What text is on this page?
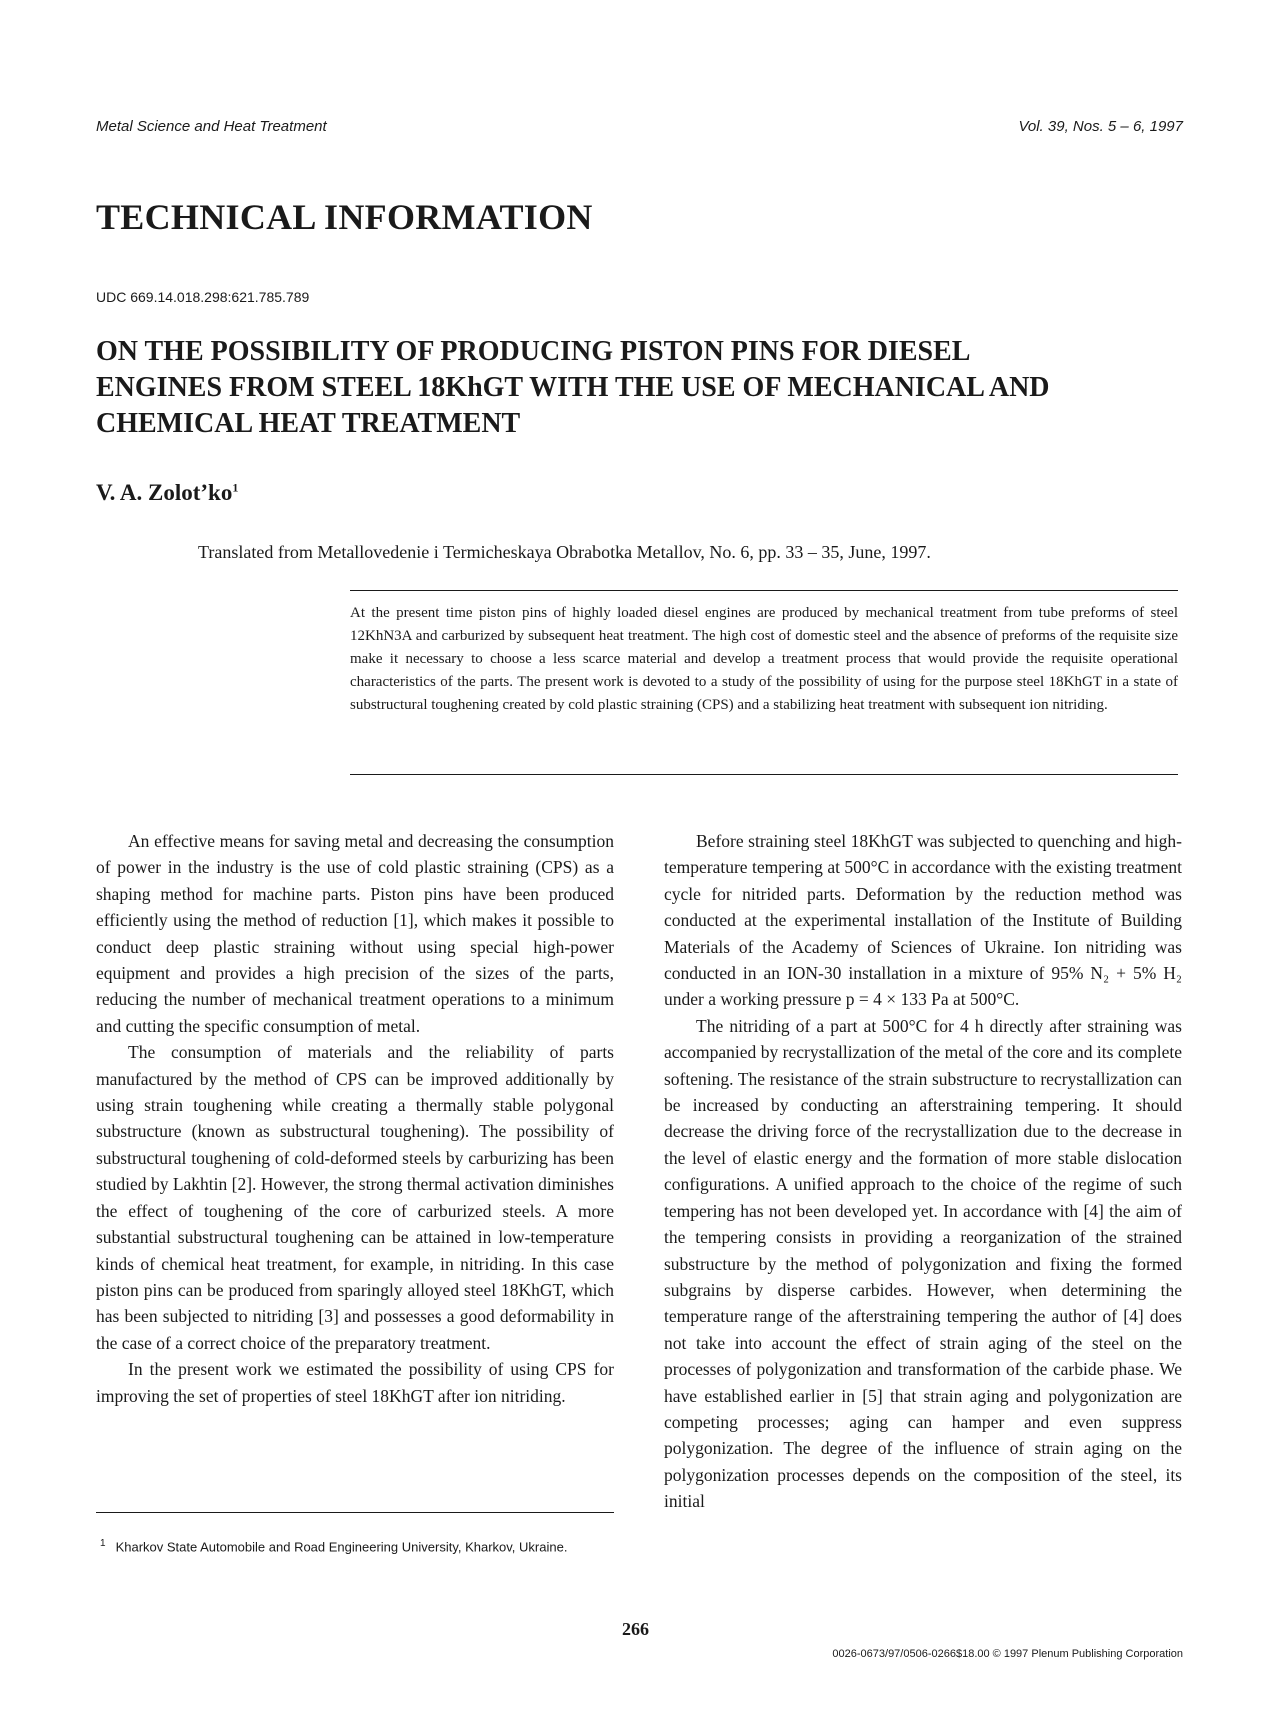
Metal Science and Heat Treatment	Vol. 39, Nos. 5 – 6, 1997
TECHNICAL INFORMATION
UDC 669.14.018.298:621.785.789
ON THE POSSIBILITY OF PRODUCING PISTON PINS FOR DIESEL ENGINES FROM STEEL 18KhGT WITH THE USE OF MECHANICAL AND CHEMICAL HEAT TREATMENT
V. A. $Zolot’ko^1$
Translated from Metallovedenie i Termicheskaya Obrabotka Metallov, No. 6, pp. 33 – 35, June, 1997.
At the present time piston pins of highly loaded diesel engines are produced by mechanical treatment from tube preforms of steel 12KhN3A and carburized by subsequent heat treatment. The high cost of domestic steel and the absence of preforms of the requisite size make it necessary to choose a less scarce material and develop a treatment process that would provide the requisite operational characteristics of the parts. The present work is devoted to a study of the possibility of using for the purpose steel 18KhGT in a state of substructural toughening created by cold plastic straining (CPS) and a stabilizing heat treatment with subsequent ion nitriding.

An effective means for saving metal and decreasing the consumption of power in the industry is the use of cold plastic straining (CPS) as a shaping method for machine parts. Piston pins have been produced efficiently using the method of reduction [1], which makes it possible to conduct deep plastic straining without using special high-power equipment and provides a high precision of the sizes of the parts, reducing the number of mechanical treatment operations to a minimum and cutting the specific consumption of metal.

The consumption of materials and the reliability of parts manufactured by the method of CPS can be improved additionally by using strain toughening while creating a thermally stable polygonal substructure (known as substructural toughening). The possibility of substructural toughening of cold-deformed steels by carburizing has been studied by Lakhtin [2]. However, the strong thermal activation diminishes the effect of toughening of the core of carburized steels. A more substantial substructural toughening can be attained in low-temperature kinds of chemical heat treatment, for example, in nitriding. In this case piston pins can be produced from sparingly alloyed steel 18KhGT, which has been subjected to nitriding [3] and possesses a good deformability in the case of a correct choice of the preparatory treatment.

In the present work we estimated the possibility of using CPS for improving the set of properties of steel 18KhGT after ion nitriding.

Before straining steel 18KhGT was subjected to quenching and high-temperature tempering at 500°C in accordance with the existing treatment cycle for nitrided parts. Deformation by the reduction method was conducted at the experimental installation of the Institute of Building Materials of the Academy of Sciences of Ukraine. Ion nitriding was conducted in an ION-30 installation in a mixture of 95% N₂ + 5% H₂ under a working pressure p = 4 × 133 Pa at 500°C.

The nitriding of a part at 500°C for 4 h directly after straining was accompanied by recrystallization of the metal of the core and its complete softening. The resistance of the strain substructure to recrystallization can be increased by conducting an afterstraining tempering. It should decrease the driving force of the recrystallization due to the decrease in the level of elastic energy and the formation of more stable dislocation configurations. A unified approach to the choice of the regime of such tempering has not been developed yet. In accordance with [4] the aim of the tempering consists in providing a reorganization of the strained substructure by the method of polygonization and fixing the formed subgrains by disperse carbides. However, when determining the temperature range of the afterstraining tempering the author of [4] does not take into account the effect of strain aging of the steel on the processes of polygonization and transformation of the carbide phase. We have established earlier in [5] that strain aging and polygonization are competing processes; aging can hamper and even suppress polygonization. The degree of the influence of strain aging on the polygonization processes depends on the composition of the steel, its initial

$^1$ Kharkov State Automobile and Road Engineering University, Kharkov, Ukraine.
266
0026-0673/97/0506-0266$18.00 © 1997 Plenum Publishing Corporation
